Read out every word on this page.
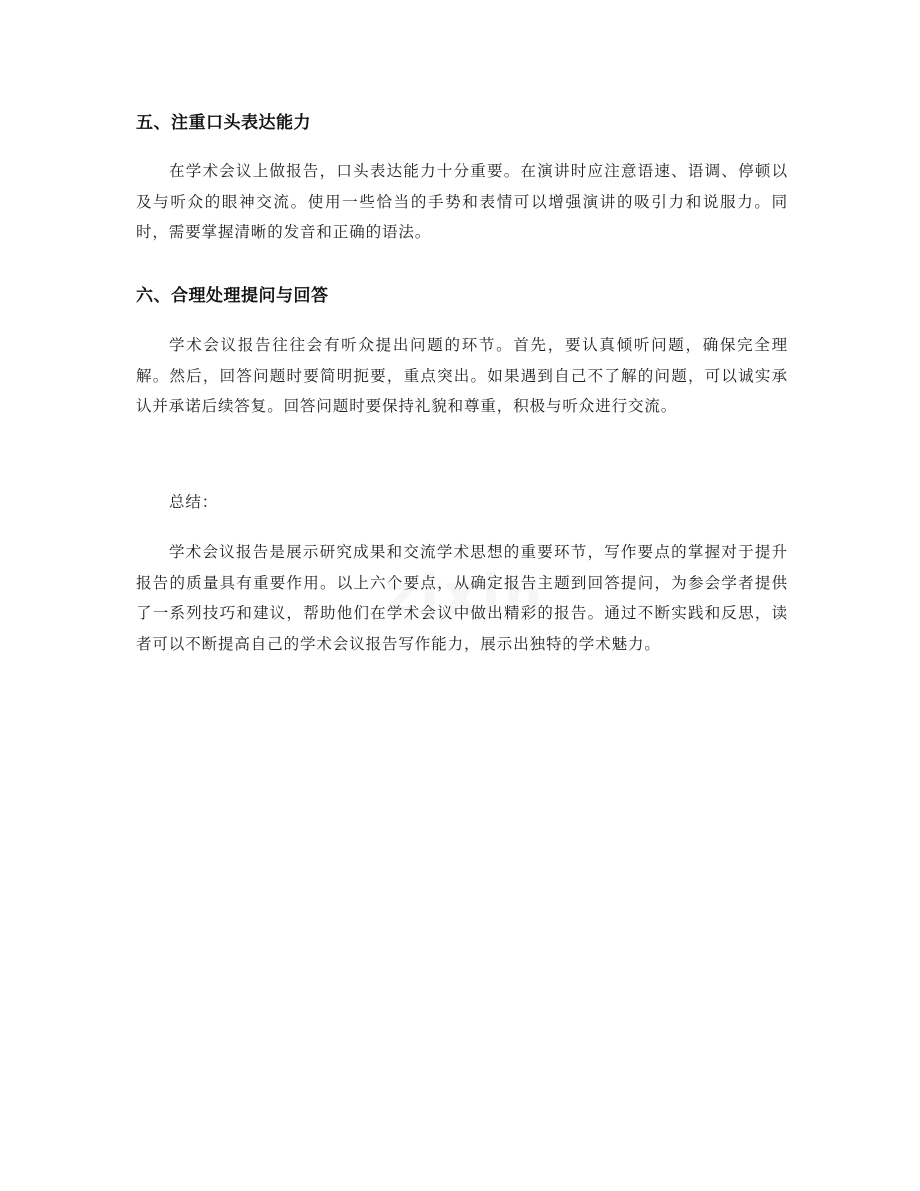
五、注重口头表达能力
在学术会议上做报告，口头表达能力十分重要。在演讲时应注意语速、语调、停顿以及与听众的眼神交流。使用一些恰当的手势和表情可以增强演讲的吸引力和说服力。同时，需要掌握清晰的发音和正确的语法。
六、合理处理提问与回答
学术会议报告往往会有听众提出问题的环节。首先，要认真倾听问题，确保完全理解。然后，回答问题时要简明扼要，重点突出。如果遇到自己不了解的问题，可以诚实承认并承诺后续答复。回答问题时要保持礼貌和尊重，积极与听众进行交流。
总结：
学术会议报告是展示研究成果和交流学术思想的重要环节，写作要点的掌握对于提升报告的质量具有重要作用。以上六个要点，从确定报告主题到回答提问，为参会学者提供了一系列技巧和建议，帮助他们在学术会议中做出精彩的报告。通过不断实践和反思，读者可以不断提高自己的学术会议报告写作能力，展示出独特的学术魅力。
